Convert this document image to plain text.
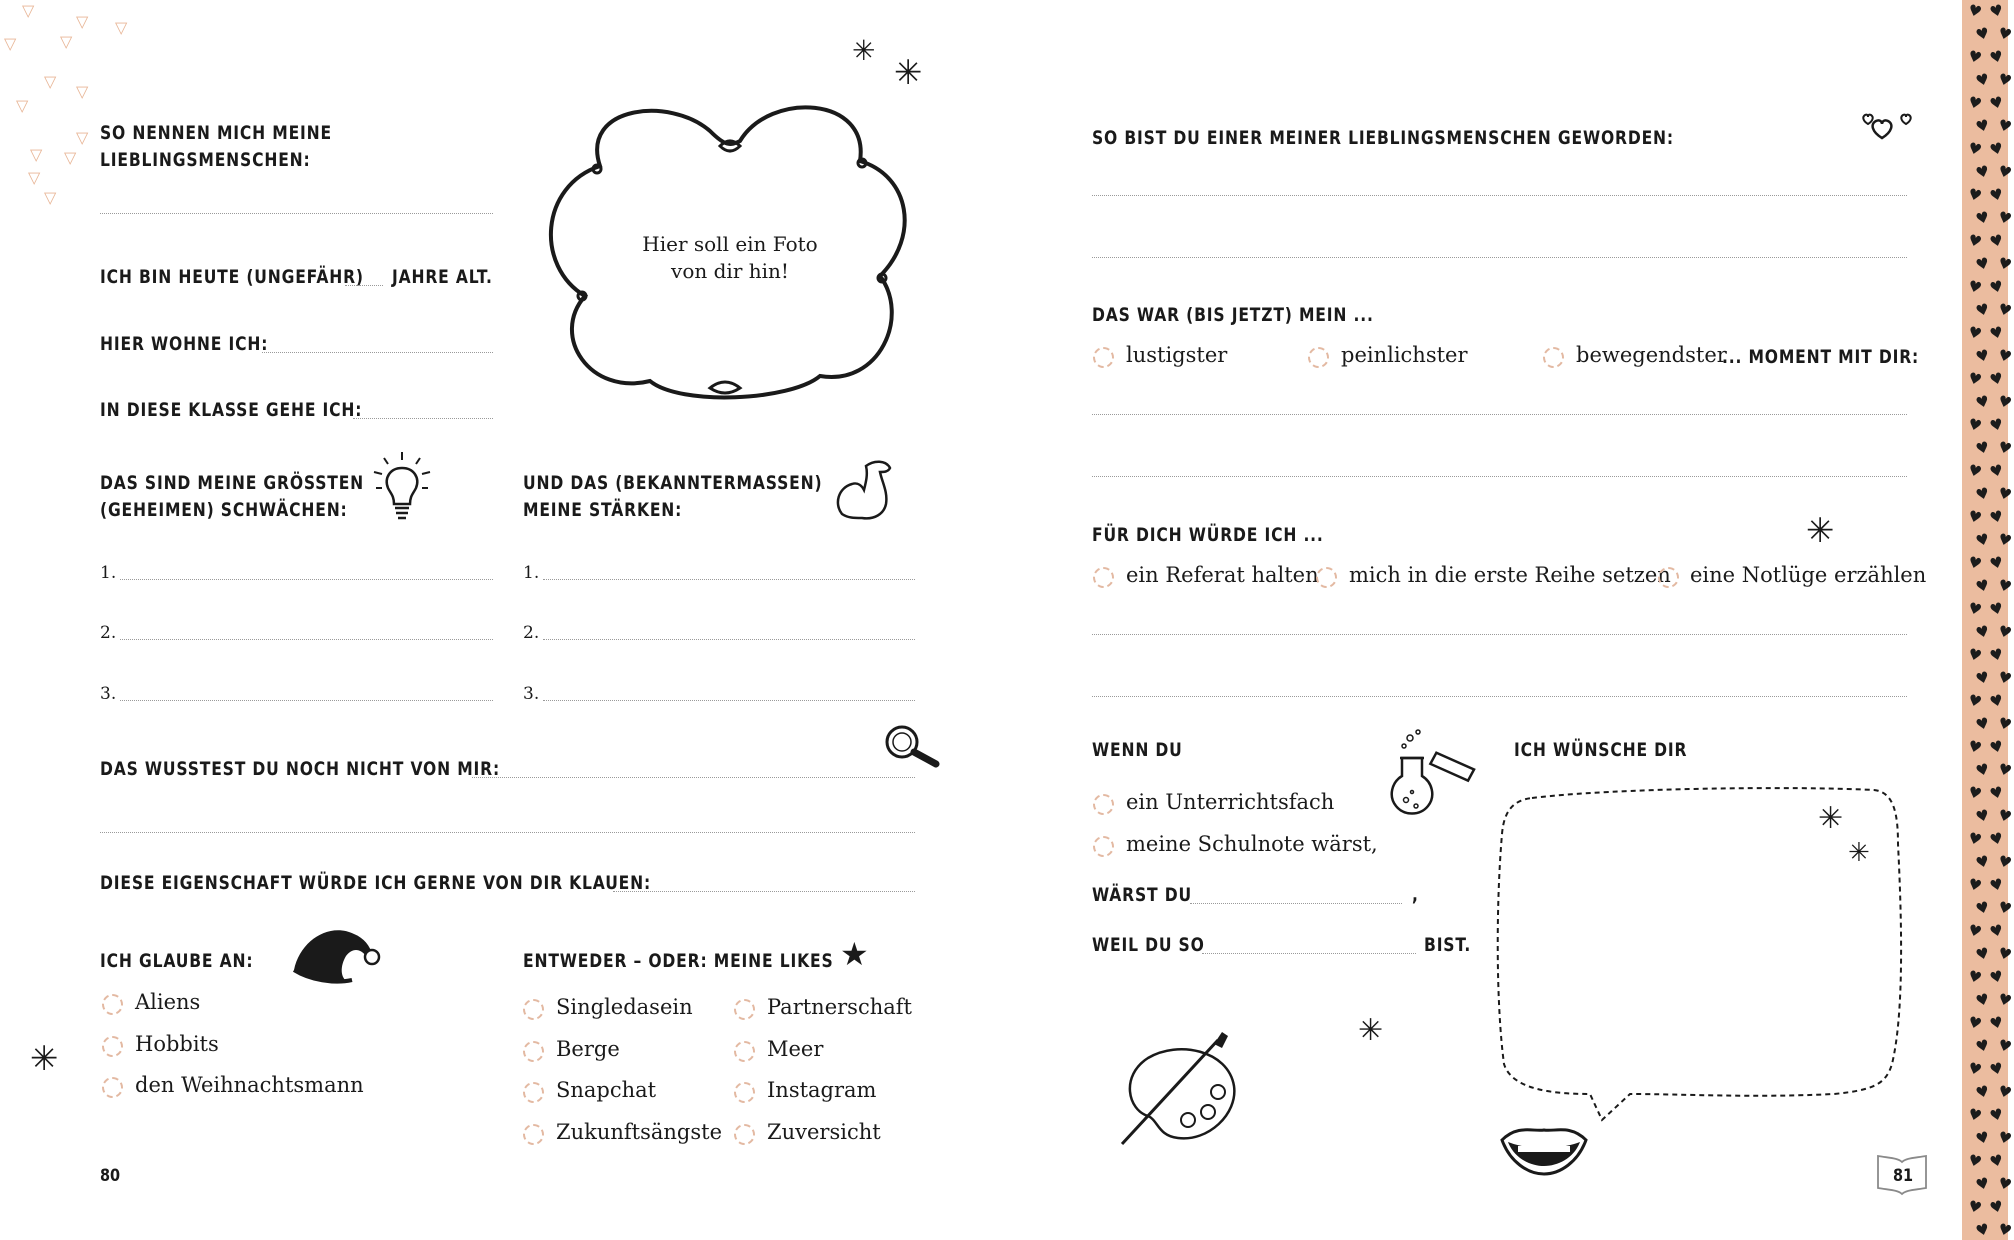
▽
▽ ▽
▽	▽
▽
▽
▽
▽
▽ ▽
▽
▽
SO NENNEN MICH MEINE
LIEBLINGSMENSCHEN:
ICH BIN HEUTE (UNGEFÄHR) JAHRE ALT.
HIER WOHNE ICH:
IN DIESE KLASSE GEHE ICH:
Hier soll ein Foto
von dir hin!
✳
✳
DAS SIND MEINE GRÖSSTEN
(GEHEIMEN) SCHWÄCHEN:
1.
2.
3.
UND DAS (BEKANNTERMASSEN)
MEINE STÄRKEN:
1.
2.
3.
DAS WUSSTEST DU NOCH NICHT VON MIR:
DIESE EIGENSCHAFT WÜRDE ICH GERNE VON DIR KLAUEN:
ICH GLAUBE AN:
Aliens
Hobbits
den Weihnachtsmann
✳
ENTWEDER – ODER: MEINE LIKES ★
Singledasein
Berge
Snapchat
Zukunftsängste
Partnerschaft
Meer
Instagram
Zuversicht
80
SO BIST DU EINER MEINER LIEBLINGSMENSCHEN GEWORDEN:
DAS WAR (BIS JETZT) MEIN ...
lustigster	peinlichster	bewegendster
... MOMENT MIT DIR:
FÜR DICH WÜRDE ICH ...	✳
ein Referat halten mich in die erste Reihe setzen eine Notlüge erzählen
WENN DU
ein Unterrichtsfach
meine Schulnote wärst,
WÄRST DU	,
WEIL DU SO	BIST.
✳
ICH WÜNSCHE DIR
✳
✳
81
♥ ♥
♥ ♥
♥ ♥
♥ ♥
♥ ♥
♥ ♥
♥ ♥
♥ ♥
♥ ♥
♥ ♥
♥ ♥
♥ ♥
♥ ♥
♥ ♥
♥ ♥
♥ ♥
♥ ♥
♥ ♥
♥ ♥
♥ ♥
♥ ♥
♥ ♥
♥ ♥
♥ ♥
♥ ♥
♥ ♥
♥ ♥
♥ ♥
♥ ♥
♥ ♥
♥ ♥
♥ ♥
♥ ♥
♥ ♥
♥ ♥
♥ ♥
♥ ♥
♥ ♥
♥ ♥
♥ ♥
♥ ♥
♥ ♥
♥ ♥
♥ ♥
♥ ♥
♥ ♥
♥ ♥
♥ ♥
♥ ♥
♥ ♥
♥ ♥
♥ ♥
♥ ♥
♥ ♥
